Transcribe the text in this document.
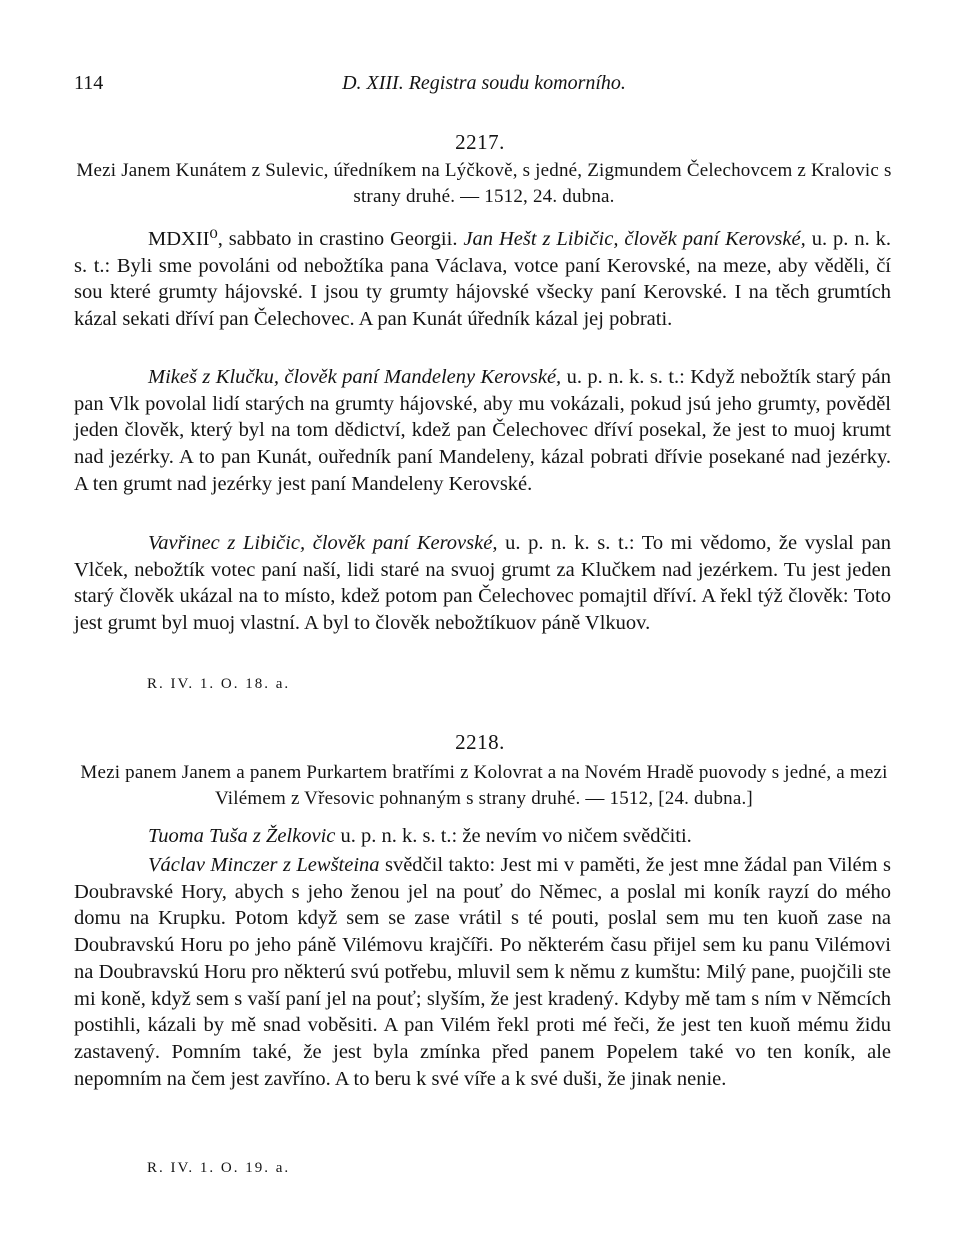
114	D. XIII. Registra soudu komorního.
2217.
Mezi Janem Kunátem z Sulevic, úředníkem na Lýčkově, s jedné, Zigmundem Čelechovcem z Kralovic s strany druhé. — 1512, 24. dubna.

MDXII⁰, sabbato in crastino Georgii. Jan Hešt z Libičic, člověk paní Kerovské, u. p. n. k. s. t.: Byli sme povoláni od nebožtíka pana Václava, votce paní Kerovské, na meze, aby věděli, čí sou které grumty hájovské. I jsou ty grumty hájovské všecky paní Kerovské. I na těch grumtích kázal sekati dříví pan Čelechovec. A pan Kunát úředník kázal jej pobrati.

Mikeš z Klučku, člověk paní Mandeleny Kerovské, u. p. n. k. s. t.: Když nebožtík starý pán pan Vlk povolal lidí starých na grumty hájovské, aby mu vokázali, pokud jsú jeho grumty, pověděl jeden člověk, který byl na tom dědictví, kdež pan Čelechovec dříví posekal, že jest to muoj krumt nad jezérky. A to pan Kunát, ouředník paní Mandeleny, kázal pobrati dřívie posekané nad jezérky. A ten grumt nad jezérky jest paní Mandeleny Kerovské.

Vavřinec z Libičic, člověk paní Kerovské, u. p. n. k. s. t.: To mi vědomo, že vyslal pan Vlček, nebožtík votec paní naší, lidi staré na svuoj grumt za Klučkem nad jezérkem. Tu jest jeden starý člověk ukázal na to místo, kdež potom pan Čelechovec pomajtil dříví. A řekl týž člověk: Toto jest grumt byl muoj vlastní. A byl to člověk nebožtíkuov páně Vlkuov.

R. IV. 1. O. 18. a.
2218.
Mezi panem Janem a panem Purkartem bratřími z Kolovrat a na Novém Hradě puovody s jedné, a mezi Vilémem z Vřesovic pohnaným s strany druhé. — 1512, [24. dubna.]

Tuoma Tuša z Želkovic u. p. n. k. s. t.: že nevím vo ničem svědčiti.

Václav Minczer z Lewšteina svědčil takto: Jest mi v paměti, že jest mne žádal pan Vilém s Doubravské Hory, abych s jeho ženou jel na pouť do Němec, a poslal mi koník rayzí do mého domu na Krupku. Potom když sem se zase vrátil s té pouti, poslal sem mu ten kuoň zase na Doubravskú Horu po jeho páně Vilémovu krajčíři. Po některém času přijel sem ku panu Vilémovi na Doubravskú Horu pro některú svú potřebu, mluvil sem k němu z kumštu: Milý pane, puojčili ste mi koně, když sem s vaší paní jel na pouť; slyším, že jest kradený. Kdyby mě tam s ním v Němcích postihli, kázali by mě snad voběsiti. A pan Vilém řekl proti mé řeči, že jest ten kuoň mému židu zastavený. Pomním také, že jest byla zmínka před panem Popelem také vo ten koník, ale nepomním na čem jest zavříno. A to beru k své víře a k své duši, že jinak nenie.

R. IV. 1. O. 19. a.
